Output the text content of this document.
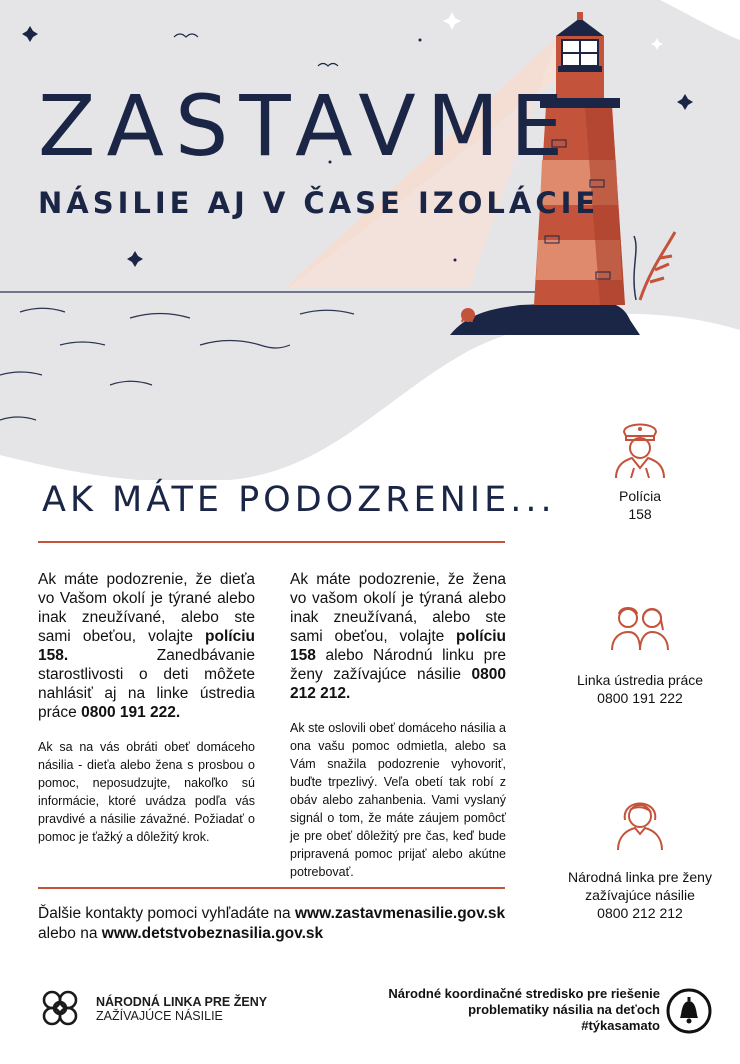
ZASTAVME
NÁSILIE AJ V ČASE IZOLÁCIE
AK MÁTE PODOZRENIE...

Ak máte podozrenie, že dieťa vo Vašom okolí je týrané alebo inak zneužívané, alebo ste sami obeťou, volajte políciu 158. Zanedbávanie starostlivosti o deti môžete nahlásiť aj na linke ústredia práce 0800 191 222.

Ak sa na vás obráti obeť domáceho násilia - dieťa alebo žena s prosbou o pomoc, neposudzujte, nakoľko sú informácie, ktoré uvádza podľa vás pravdivé a násilie závažné. Požiadať o pomoc je ťažký a dôležitý krok.

Ak máte podozrenie, že žena vo vašom okolí je týraná alebo inak zneužívaná, alebo ste sami obeťou, volajte políciu 158 alebo Národnú linku pre ženy zažívajúce násilie 0800 212 212.

Ak ste oslovili obeť domáceho násilia a ona vašu pomoc odmietla, alebo sa Vám snažila podozrenie vyhovoriť, buďte trpezlivý. Veľa obetí tak robí z obáv alebo zahanbenia. Vami vyslaný signál o tom, že máte záujem pomôcť je pre obeť dôležitý pre čas, keď bude pripravená pomoc prijať alebo akútne potrebovať.

Polícia
158
Linka ústredia práce
0800 191 222
Národná linka pre ženy
zažívajúce násilie
0800 212 212
Ďalšie kontakty pomoci vyhľadáte na www.zastavmenasilie.gov.sk
alebo na www.detstvobeznasilia.gov.sk
NÁRODNÁ LINKA PRE ŽENY
ZAŽÍVAJÚCE NÁSILIE
Národné koordinačné stredisko pre riešenie
problematiky násilia na deťoch
#týkasamato
